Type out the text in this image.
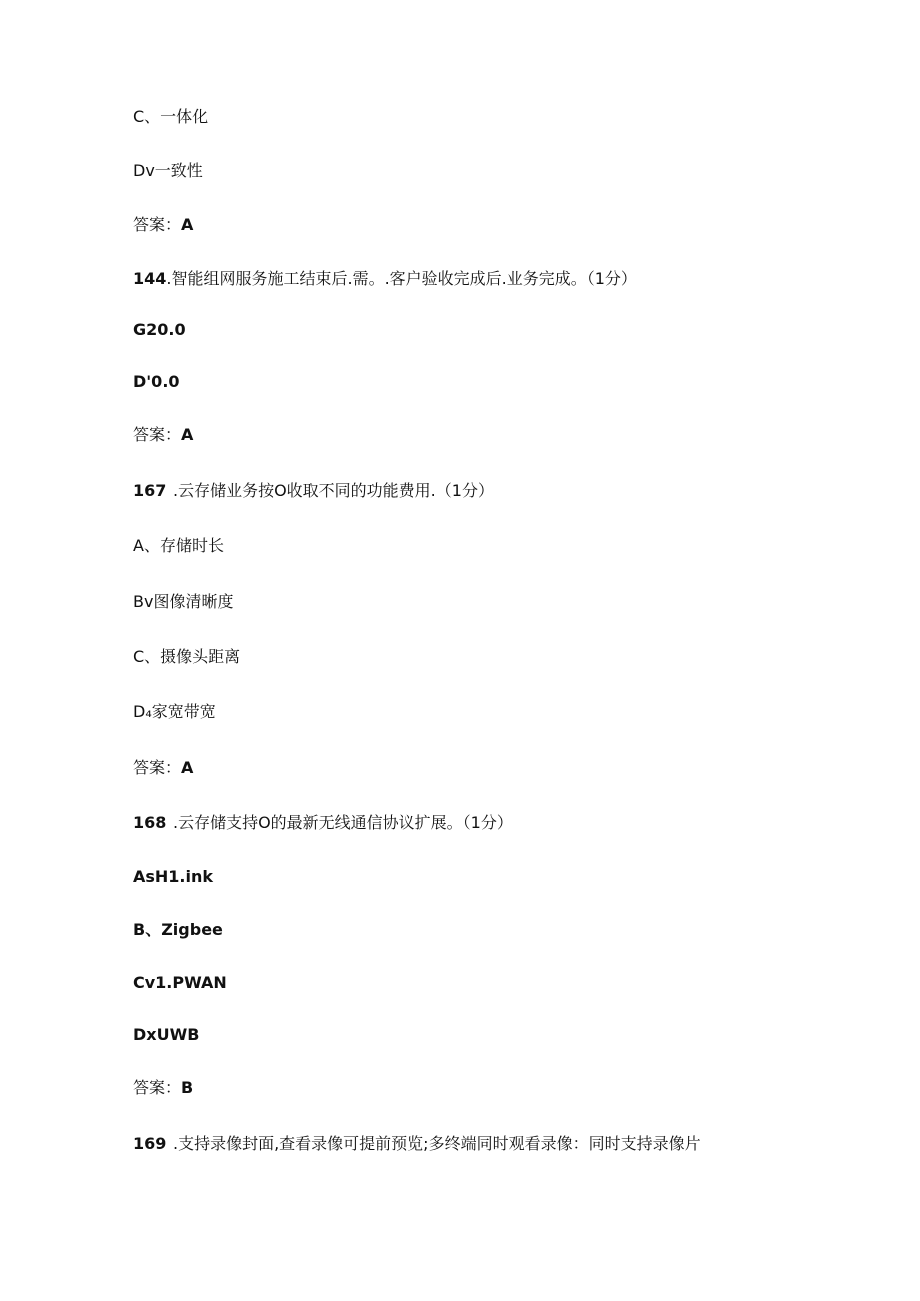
C、一体化
Dv一致性
答案：A
144.智能组网服务施工结束后.需。.客户验收完成后.业务完成。（1分）
G20.0
D'0.0
答案：A
167 .云存储业务按O收取不同的功能费用.（1分）
A、存储时长
Bv图像清晰度
C、摄像头距离
D₄家宽带宽
答案：A
168 .云存储支持O的最新无线通信协议扩展。（1分）
AsH1.ink
B、Zigbee
Cv1.PWAN
DxUWB
答案：B
169 .支持录像封面,查看录像可提前预览;多终端同时观看录像：同时支持录像片
